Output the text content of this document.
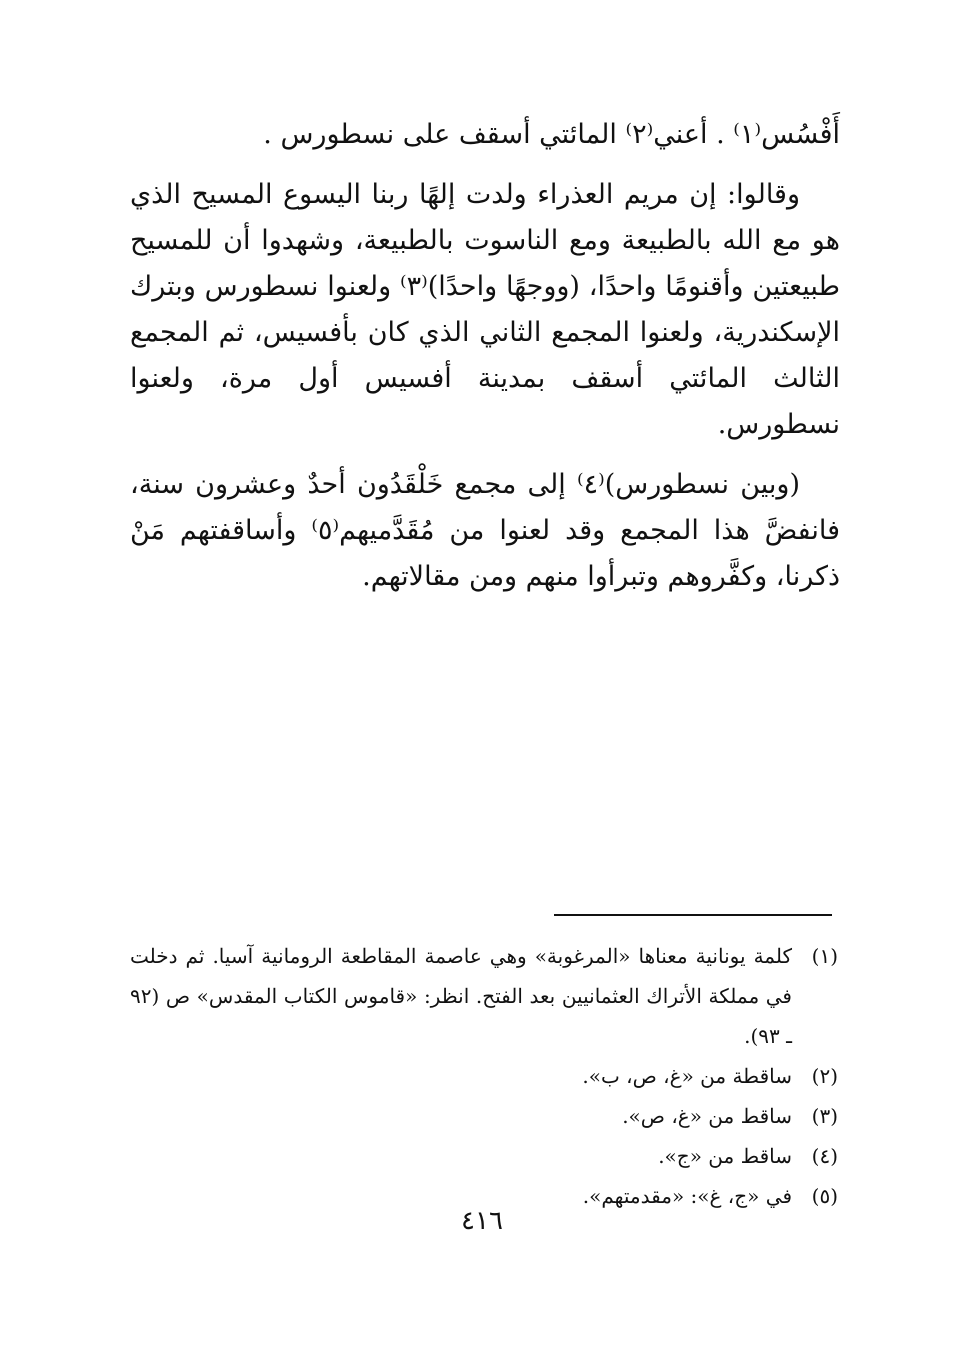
أَفْسُس⁽١⁾ . أعني⁽٢⁾ المائتي أسقف على نسطورس .

وقالوا: إن مريم العذراء ولدت إلهًا ربنا اليسوع المسيح الذي هو مع الله بالطبيعة ومع الناسوت بالطبيعة، وشهدوا أن للمسيح طبيعتين وأقنومًا واحدًا، (ووجهًا واحدًا)⁽٣⁾ ولعنوا نسطورس وبترك الإسكندرية، ولعنوا المجمع الثاني الذي كان بأفسيس، ثم المجمع الثالث المائتي أسقف بمدينة أفسيس أول مرة، ولعنوا نسطورس.

(وبين نسطورس)⁽٤⁾ إلى مجمع خَلْقَدُون أحدٌ وعشرون سنة، فانفضَّ هذا المجمع وقد لعنوا من مُقَدَّميهم⁽٥⁾ وأساقفتهم مَنْ ذكرنا، وكفَّروهم وتبرأوا منهم ومن مقالاتهم.

(١)
كلمة يونانية معناها «المرغوبة» وهي عاصمة المقاطعة الرومانية آسيا. ثم دخلت في مملكة الأتراك العثمانيين بعد الفتح. انظر: «قاموس الكتاب المقدس» ص (٩٢ ـ ٩٣).
(٢)
ساقطة من «غ، ص، ب».
(٣)
ساقط من «غ، ص».
(٤)
ساقط من «ج».
(٥)
في «ج، غ»: «مقدمتهم».
٤١٦
